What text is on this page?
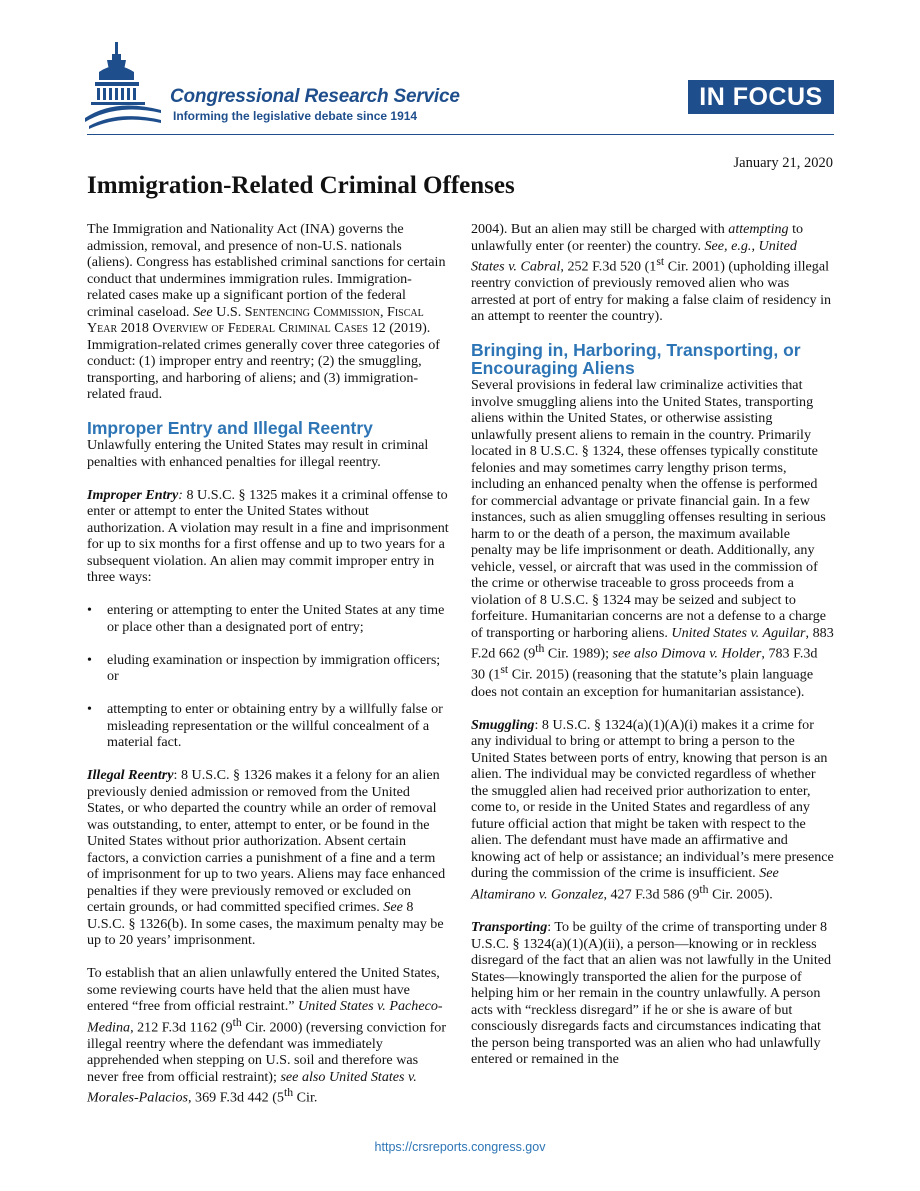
Congressional Research Service
Informing the legislative debate since 1914
IN FOCUS
January 21, 2020
Immigration-Related Criminal Offenses

The Immigration and Nationality Act (INA) governs the admission, removal, and presence of non-U.S. nationals (aliens). Congress has established criminal sanctions for certain conduct that undermines immigration rules. Immigration-related cases make up a significant portion of the federal criminal caseload. See U.S. Sentencing Commission, Fiscal Year 2018 Overview of Federal Criminal Cases 12 (2019). Immigration-related crimes generally cover three categories of conduct: (1) improper entry and reentry; (2) the smuggling, transporting, and harboring of aliens; and (3) immigration-related fraud.

Improper Entry and Illegal Reentry

Unlawfully entering the United States may result in criminal penalties with enhanced penalties for illegal reentry.

Improper Entry: 8 U.S.C. § 1325 makes it a criminal offense to enter or attempt to enter the United States without authorization. A violation may result in a fine and imprisonment for up to six months for a first offense and up to two years for a subsequent violation. An alien may commit improper entry in three ways:

• entering or attempting to enter the United States at any time or place other than a designated port of entry;
• eluding examination or inspection by immigration officers; or
• attempting to enter or obtaining entry by a willfully false or misleading representation or the willful concealment of a material fact.

Illegal Reentry: 8 U.S.C. § 1326 makes it a felony for an alien previously denied admission or removed from the United States, or who departed the country while an order of removal was outstanding, to enter, attempt to enter, or be found in the United States without prior authorization. Absent certain factors, a conviction carries a punishment of a fine and a term of imprisonment for up to two years. Aliens may face enhanced penalties if they were previously removed or excluded on certain grounds, or had committed specified crimes. See 8 U.S.C. § 1326(b). In some cases, the maximum penalty may be up to 20 years’ imprisonment.

To establish that an alien unlawfully entered the United States, some reviewing courts have held that the alien must have entered “free from official restraint.” United States v. Pacheco-Medina, 212 F.3d 1162 (9th Cir. 2000) (reversing conviction for illegal reentry where the defendant was immediately apprehended when stepping on U.S. soil and therefore was never free from official restraint); see also United States v. Morales-Palacios, 369 F.3d 442 (5th Cir.

2004). But an alien may still be charged with attempting to unlawfully enter (or reenter) the country. See, e.g., United States v. Cabral, 252 F.3d 520 (1st Cir. 2001) (upholding illegal reentry conviction of previously removed alien who was arrested at port of entry for making a false claim of residency in an attempt to reenter the country).

Bringing in, Harboring, Transporting, or Encouraging Aliens

Several provisions in federal law criminalize activities that involve smuggling aliens into the United States, transporting aliens within the United States, or otherwise assisting unlawfully present aliens to remain in the country. Primarily located in 8 U.S.C. § 1324, these offenses typically constitute felonies and may sometimes carry lengthy prison terms, including an enhanced penalty when the offense is performed for commercial advantage or private financial gain. In a few instances, such as alien smuggling offenses resulting in serious harm to or the death of a person, the maximum available penalty may be life imprisonment or death. Additionally, any vehicle, vessel, or aircraft that was used in the commission of the crime or otherwise traceable to gross proceeds from a violation of 8 U.S.C. § 1324 may be seized and subject to forfeiture. Humanitarian concerns are not a defense to a charge of transporting or harboring aliens. United States v. Aguilar, 883 F.2d 662 (9th Cir. 1989); see also Dimova v. Holder, 783 F.3d 30 (1st Cir. 2015) (reasoning that the statute’s plain language does not contain an exception for humanitarian assistance).

Smuggling: 8 U.S.C. § 1324(a)(1)(A)(i) makes it a crime for any individual to bring or attempt to bring a person to the United States between ports of entry, knowing that person is an alien. The individual may be convicted regardless of whether the smuggled alien had received prior authorization to enter, come to, or reside in the United States and regardless of any future official action that might be taken with respect to the alien. The defendant must have made an affirmative and knowing act of help or assistance; an individual’s mere presence during the commission of the crime is insufficient. See Altamirano v. Gonzalez, 427 F.3d 586 (9th Cir. 2005).

Transporting: To be guilty of the crime of transporting under 8 U.S.C. § 1324(a)(1)(A)(ii), a person—knowing or in reckless disregard of the fact that an alien was not lawfully in the United States—knowingly transported the alien for the purpose of helping him or her remain in the country unlawfully. A person acts with “reckless disregard” if he or she is aware of but consciously disregards facts and circumstances indicating that the person being transported was an alien who had unlawfully entered or remained in the

https://crsreports.congress.gov
